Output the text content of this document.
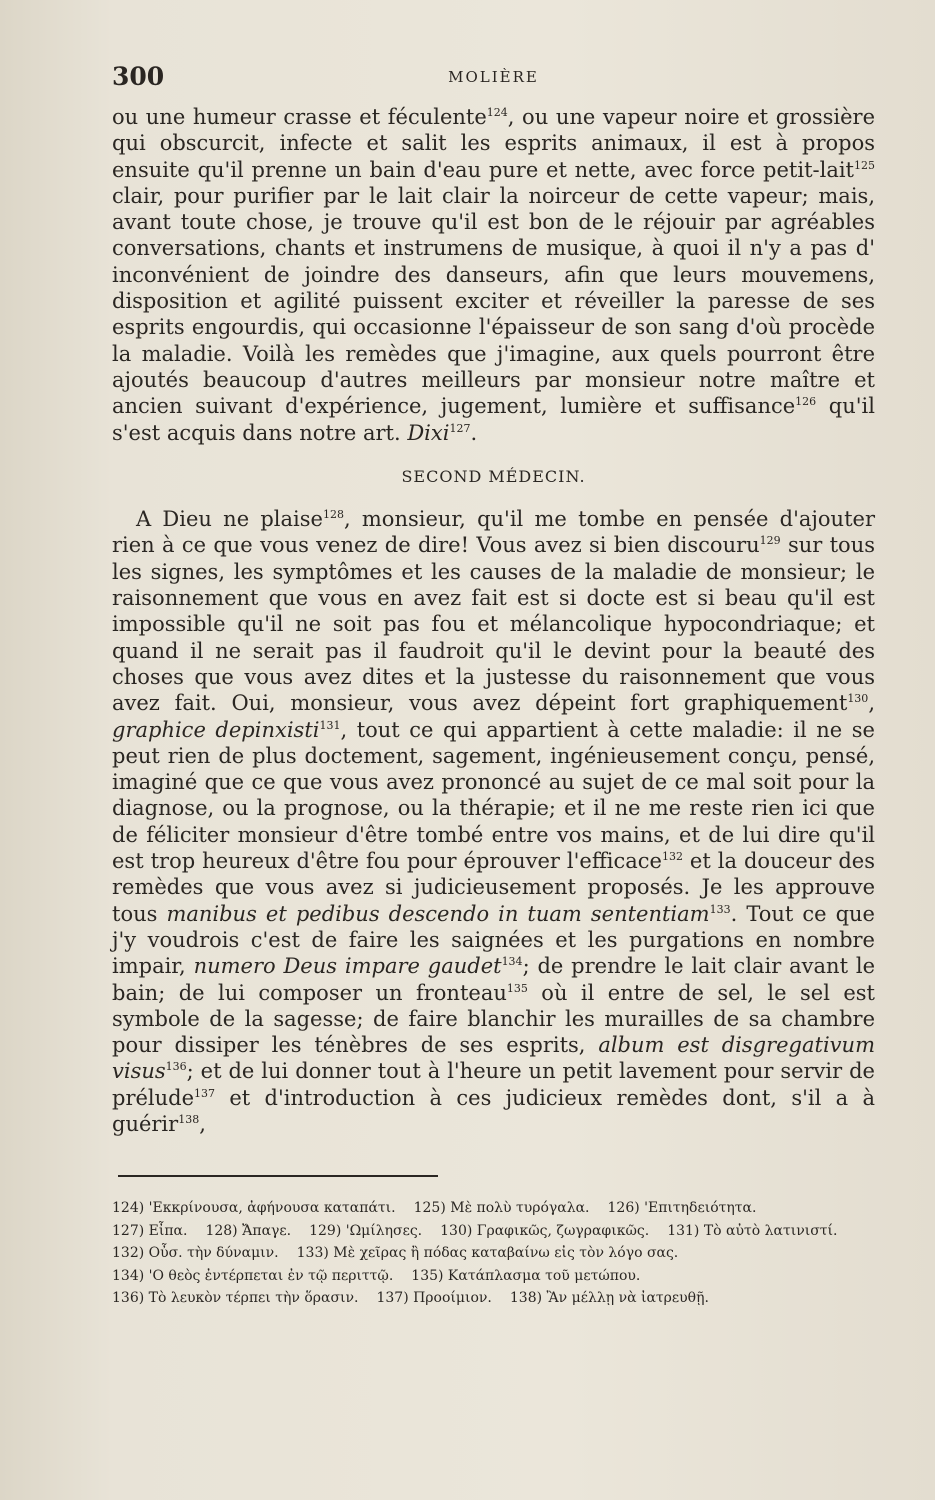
300	MOLIÈRE

ou une humeur crasse et féculente$^{124}$, ou une vapeur noire et grossière qui obscurcit, infecte et salit les esprits animaux, il est à propos ensuite qu'il prenne un bain d'eau pure et nette, avec force petit-lait$^{125}$ clair, pour purifier par le lait clair la noirceur de cette vapeur; mais, avant toute chose, je trouve qu'il est bon de le réjouir par agréables conversations, chants et instrumens de musique, à quoi il n'y a pas d' inconvénient de joindre des danseurs, afin que leurs mouvemens, disposition et agilité puissent exciter et réveiller la paresse de ses esprits engourdis, qui occasionne l'épaisseur de son sang d'où procède la maladie. Voilà les remèdes que j'imagine, aux quels pourront être ajoutés beaucoup d'autres meilleurs par monsieur notre maître et ancien suivant d'expérience, jugement, lumière et suffisance$^{126}$ qu'il s'est acquis dans notre art. Dixi$^{127}$.

SECOND MÉDECIN.

A Dieu ne plaise$^{128}$, monsieur, qu'il me tombe en pensée d'ajouter rien à ce que vous venez de dire! Vous avez si bien discouru$^{129}$ sur tous les signes, les symptômes et les causes de la maladie de monsieur; le raisonnement que vous en avez fait est si docte est si beau qu'il est impossible qu'il ne soit pas fou et mélancolique hypocondriaque; et quand il ne serait pas il faudroit qu'il le devint pour la beauté des choses que vous avez dites et la justesse du raisonnement que vous avez fait. Oui, monsieur, vous avez dépeint fort graphiquement$^{130}$, graphice depinxisti$^{131}$, tout ce qui appartient à cette maladie: il ne se peut rien de plus doctement, sagement, ingénieusement conçu, pensé, imaginé que ce que vous avez prononcé au sujet de ce mal soit pour la diagnose, ou la prognose, ou la thérapie; et il ne me reste rien ici que de féliciter monsieur d'être tombé entre vos mains, et de lui dire qu'il est trop heureux d'être fou pour éprouver l'efficace$^{132}$ et la douceur des remèdes que vous avez si judicieusement proposés. Je les approuve tous manibus et pedibus descendo in tuam sententiam$^{133}$. Tout ce que j'y voudrois c'est de faire les saignées et les purgations en nombre impair, numero Deus impare gaudet$^{134}$; de prendre le lait clair avant le bain; de lui composer un fronteau$^{135}$ où il entre de sel, le sel est symbole de la sagesse; de faire blanchir les murailles de sa chambre pour dissiper les ténèbres de ses esprits, album est disgregativum visus$^{136}$; et de lui donner tout à l'heure un petit lavement pour servir de prélude$^{137}$ et d'introduction à ces judicieux remèdes dont, s'il a à guérir$^{138}$,

124) 'Εκκρίνουσα, ἀφήνουσα καταπάτι. 125) Μὲ πολὺ τυρόγαλα. 126) 'Επιτηδειότητα.
127) Εἶπα. 128) Ἄπαγε. 129) 'Ωμίλησες. 130) Γραφικῶς, ζωγραφικῶς. 131) Τὸ αὐτὸ λατινιστί.
132) Οὖσ. τὴν δύναμιν. 133) Μὲ χεῖρας ἢ πόδας καταβαίνω εἰς τὸν λόγο σας.
134) 'Ο θεὸς ἐντέρπεται ἐν τῷ περιττῷ. 135) Κατάπλασμα τοῦ μετώπου.
136) Τὸ λευκὸν τέρπει τὴν ὅρασιν. 137) Προοίμιον. 138) Ἂν μέλλῃ νὰ ἰατρευθῇ.
